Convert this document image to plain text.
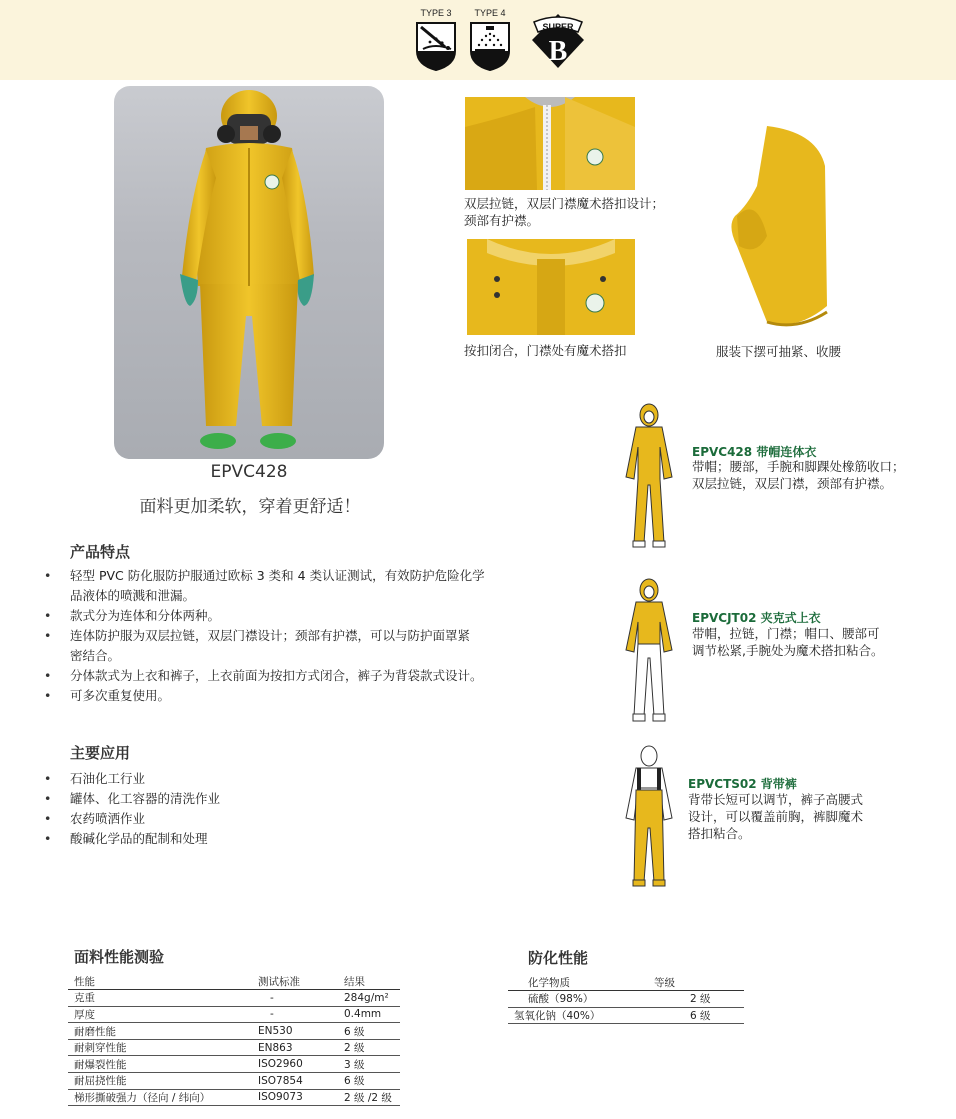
TYPE 3	TYPE 4
SUPER
B
EPVC428
面料更加柔软，穿着更舒适！
双层拉链，双层门襟魔术搭扣设计；
颈部有护襟。
按扣闭合，门襟处有魔术搭扣	服装下摆可抽紧、收腰
产品特点
• 轻型 PVC 防化服防护服通过欧标 3 类和 4 类认证测试，有效防护危险化学
品液体的喷溅和泄漏。
• 款式分为连体和分体两种。
• 连体防护服为双层拉链，双层门襟设计；颈部有护襟，可以与防护面罩紧
密结合。
• 分体款式为上衣和裤子，上衣前面为按扣方式闭合，裤子为背袋款式设计。
• 可多次重复使用。
主要应用
• 石油化工行业
• 罐体、化工容器的清洗作业
• 农药喷洒作业
• 酸碱化学品的配制和处理
EPVC428 带帽连体衣
带帽；腰部，手腕和脚踝处橡筋收口；
双层拉链，双层门襟，颈部有护襟。
EPVCJT02 夹克式上衣
带帽，拉链，门襟；帽口、腰部可
调节松紧,手腕处为魔术搭扣粘合。
EPVCTS02 背带裤
背带长短可以调节，裤子高腰式
设计，可以覆盖前胸，裤脚魔术
搭扣粘合。
面料性能测验
性能	测试标准	结果
克重	-	284g/m²
厚度	-	0.4mm
耐磨性能	EN530	6 级
耐刺穿性能	EN863	2 级
耐爆裂性能	ISO2960	3 级
耐屈挠性能	ISO7854	6 级
梯形撕破强力（径向 / 纬向）	ISO9073	2 级 /2 级
防化性能
化学物质	等级
硫酸（98%）	2 级
氢氧化钠（40%）	6 级
